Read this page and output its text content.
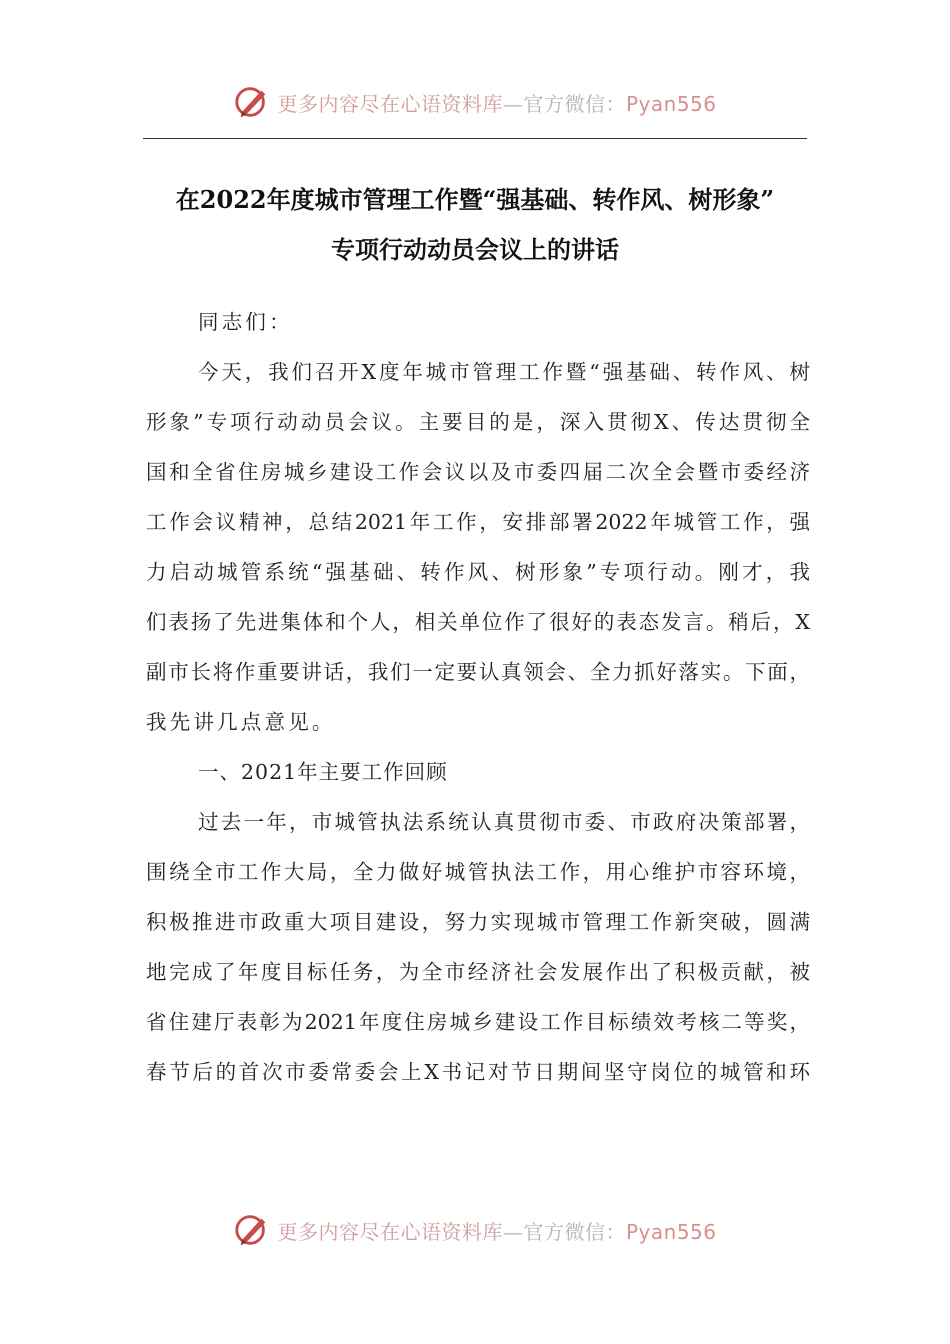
更多内容尽在心语资料库—官方微信：Pyan556
在2022年度城市管理工作暨“强基础、转作风、树形象”
专项行动动员会议上的讲话
同志们：
今天，我们召开X度年城市管理工作暨“强基础、转作风、树
形象”专项行动动员会议。主要目的是，深入贯彻X、传达贯彻全
国和全省住房城乡建设工作会议以及市委四届二次全会暨市委经济
工作会议精神，总结2021年工作，安排部署2022年城管工作，强
力启动城管系统“强基础、转作风、树形象”专项行动。刚才，我
们表扬了先进集体和个人，相关单位作了很好的表态发言。稍后，X
副市长将作重要讲话，我们一定要认真领会、全力抓好落实。下面，
我先讲几点意见。
一、2021年主要工作回顾
过去一年，市城管执法系统认真贯彻市委、市政府决策部署，
围绕全市工作大局，全力做好城管执法工作，用心维护市容环境，
积极推进市政重大项目建设，努力实现城市管理工作新突破，圆满
地完成了年度目标任务，为全市经济社会发展作出了积极贡献，被
省住建厅表彰为2021年度住房城乡建设工作目标绩效考核二等奖，
春节后的首次市委常委会上X书记对节日期间坚守岗位的城管和环
更多内容尽在心语资料库—官方微信：Pyan556
